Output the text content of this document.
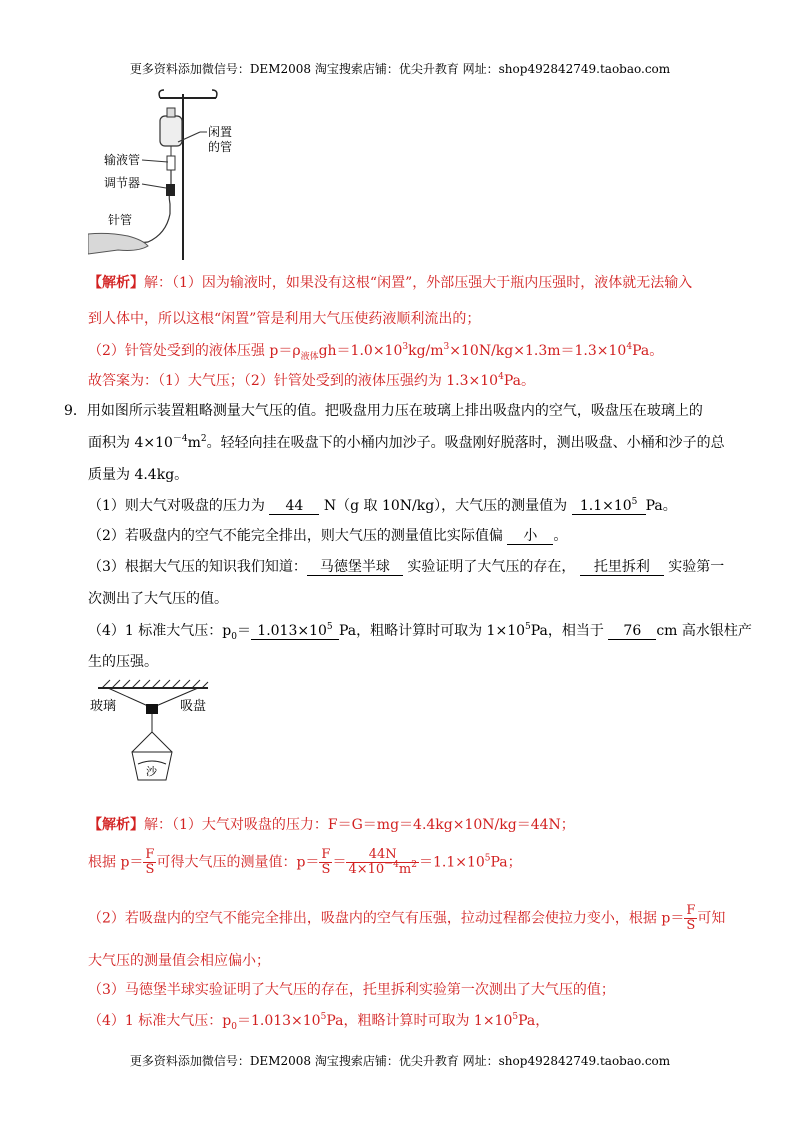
更多资料添加微信号：DEM2008 淘宝搜索店铺：优尖升教育 网址：shop492842749.taobao.com
闲置
的管
输液管
调节器
针管
【解析】解：（1）因为输液时，如果没有这根“闲置”，外部压强大于瓶内压强时，液体就无法输入
到人体中，所以这根“闲置”管是利用大气压使药液顺利流出的；
（2）针管处受到的液体压强 $p=\rho_{液体}gh=1.0\times 10^3kg/m^3\times 10N/kg\times 1.3m=1.3\times 10^4Pa$。
故答案为：（1）大气压；（2）针管处受到的液体压强约为 $1.3\times 10^4Pa$。
9．用如图所示装置粗略测量大气压的值。把吸盘用力压在玻璃上排出吸盘内的空气，吸盘压在玻璃上的
面积为 $4\times 10^{-4}m^2$。轻轻向挂在吸盘下的小桶内加沙子。吸盘刚好脱落时，测出吸盘、小桶和沙子的总
质量为 4.4kg。
（1）则大气对吸盘的压力为 44 N（g 取 10N/kg），大气压的测量值为 $1.1\times 10^5$ Pa。
（2）若吸盘内的空气不能完全排出，则大气压的测量值比实际值偏 小 。
（3）根据大气压的知识我们知道： 马德堡半球 实验证明了大气压的存在， 托里拆利 实验第一
次测出了大气压的值。
（4）1 标准大气压：$p_0= 1.013\times 10^5$ Pa，粗略计算时可取为 $1\times 10^5Pa$，相当于 76 cm 高水银柱产
生的压强。
玻璃	吸盘
沙
【解析】解：（1）大气对吸盘的压力：F＝G＝mg＝4.4kg×10N/kg＝44N；
根据 $p= \frac{F}{S}$ 可得大气压的测量值：$p= \frac{F}{S} = \frac{44N}{4\times 10^{-4}m^2} =1.1\times 10^5Pa$；
（2）若吸盘内的空气不能完全排出，吸盘内的空气有压强，拉动过程都会使拉力变小，根据 $p= \frac{F}{S}$ 可知
大气压的测量值会相应偏小；
（3）马德堡半球实验证明了大气压的存在，托里拆利实验第一次测出了大气压的值；
（4）1 标准大气压：$p_0=1.013\times 10^5Pa$，粗略计算时可取为 $1\times 10^5Pa$，
更多资料添加微信号：DEM2008 淘宝搜索店铺：优尖升教育 网址：shop492842749.taobao.com
